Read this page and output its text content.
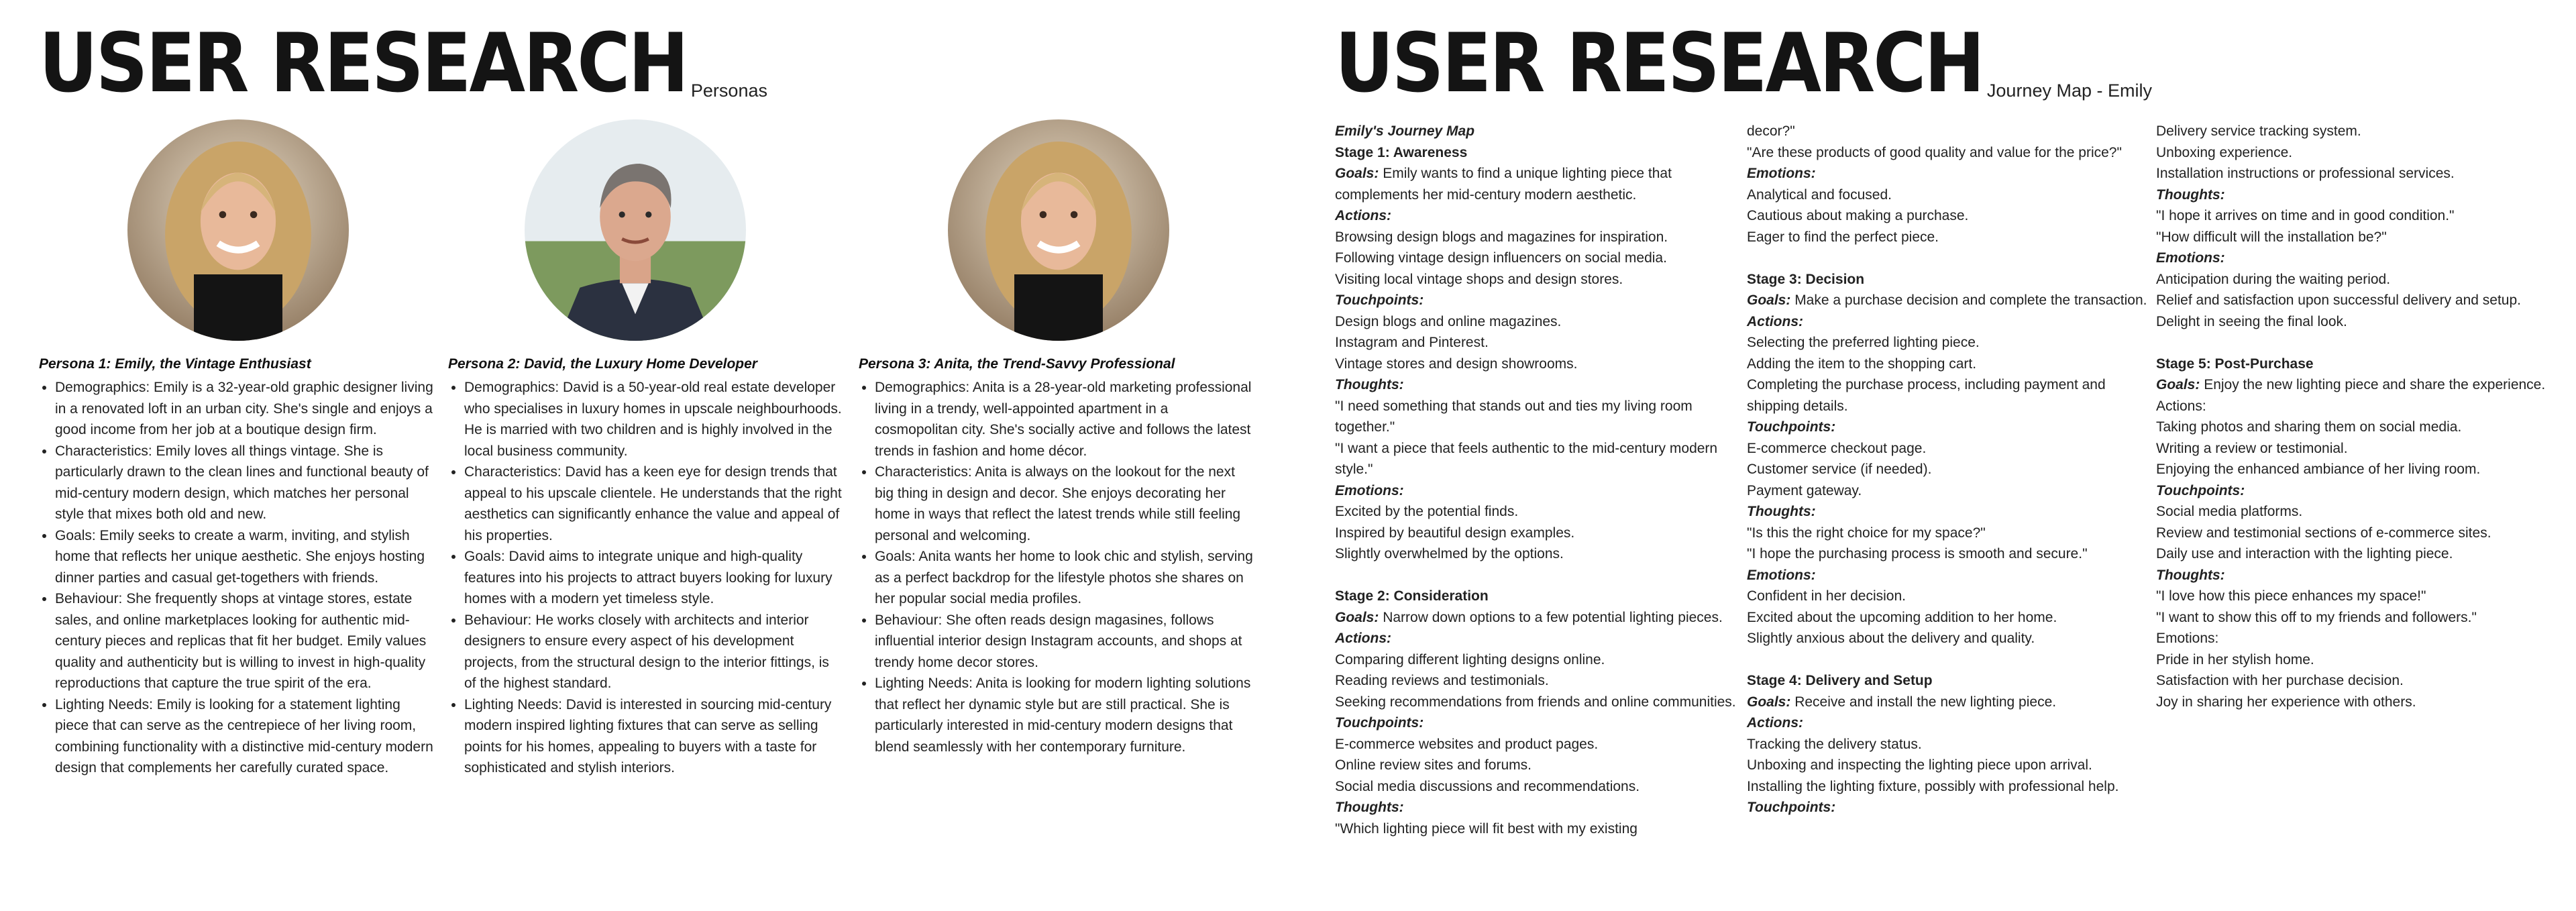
USER RESEARCH Personas
Persona 1: Emily, the Vintage Enthusiast
• Demographics: Emily is a 32-year-old graphic designer living in a renovated loft in an urban city. She's single and enjoys a good income from her job at a boutique design firm.
• Characteristics: Emily loves all things vintage. She is particularly drawn to the clean lines and functional beauty of mid-century modern design, which matches her personal style that mixes both old and new.
• Goals: Emily seeks to create a warm, inviting, and stylish home that reflects her unique aesthetic. She enjoys hosting dinner parties and casual get-togethers with friends.
• Behaviour: She frequently shops at vintage stores, estate sales, and online marketplaces looking for authentic mid-century pieces and replicas that fit her budget. Emily values quality and authenticity but is willing to invest in high-quality reproductions that capture the true spirit of the era.
• Lighting Needs: Emily is looking for a statement lighting piece that can serve as the centrepiece of her living room, combining functionality with a distinctive mid-century modern design that complements her carefully curated space.
Persona 2: David, the Luxury Home Developer
• Demographics: David is a 50-year-old real estate developer who specialises in luxury homes in upscale neighbourhoods. He is married with two children and is highly involved in the local business community.
• Characteristics: David has a keen eye for design trends that appeal to his upscale clientele. He understands that the right aesthetics can significantly enhance the value and appeal of his properties.
• Goals: David aims to integrate unique and high-quality features into his projects to attract buyers looking for luxury homes with a modern yet timeless style.
• Behaviour: He works closely with architects and interior designers to ensure every aspect of his development projects, from the structural design to the interior fittings, is of the highest standard.
• Lighting Needs: David is interested in sourcing mid-century modern inspired lighting fixtures that can serve as selling points for his homes, appealing to buyers with a taste for sophisticated and stylish interiors.
Persona 3: Anita, the Trend-Savvy Professional
• Demographics: Anita is a 28-year-old marketing professional living in a trendy, well-appointed apartment in a cosmopolitan city. She's socially active and follows the latest trends in fashion and home décor.
• Characteristics: Anita is always on the lookout for the next big thing in design and decor. She enjoys decorating her home in ways that reflect the latest trends while still feeling personal and welcoming.
• Goals: Anita wants her home to look chic and stylish, serving as a perfect backdrop for the lifestyle photos she shares on her popular social media profiles.
• Behaviour: She often reads design magasines, follows influential interior design Instagram accounts, and shops at trendy home decor stores.
• Lighting Needs: Anita is looking for modern lighting solutions that reflect her dynamic style but are still practical. She is particularly interested in mid-century modern designs that blend seamlessly with her contemporary furniture.
USER RESEARCH Journey Map - Emily
Emily's Journey Map
Stage 1: Awareness
Goals: Emily wants to find a unique lighting piece that complements her mid-century modern aesthetic.
Actions:
Browsing design blogs and magazines for inspiration.
Following vintage design influencers on social media.
Visiting local vintage shops and design stores.
Touchpoints:
Design blogs and online magazines.
Instagram and Pinterest.
Vintage stores and design showrooms.
Thoughts:
"I need something that stands out and ties my living room together."
"I want a piece that feels authentic to the mid-century modern style."
Emotions:
Excited by the potential finds.
Inspired by beautiful design examples.
Slightly overwhelmed by the options.
Stage 2: Consideration
Goals: Narrow down options to a few potential lighting pieces.
Actions:
Comparing different lighting designs online.
Reading reviews and testimonials.
Seeking recommendations from friends and online communities.
Touchpoints:
E-commerce websites and product pages.
Online review sites and forums.
Social media discussions and recommendations.
Thoughts:
"Which lighting piece will fit best with my existing
decor?"
"Are these products of good quality and value for the price?"
Emotions:
Analytical and focused.
Cautious about making a purchase.
Eager to find the perfect piece.
Stage 3: Decision
Goals: Make a purchase decision and complete the transaction.
Actions:
Selecting the preferred lighting piece.
Adding the item to the shopping cart.
Completing the purchase process, including payment and shipping details.
Touchpoints:
E-commerce checkout page.
Customer service (if needed).
Payment gateway.
Thoughts:
"Is this the right choice for my space?"
"I hope the purchasing process is smooth and secure."
Emotions:
Confident in her decision.
Excited about the upcoming addition to her home.
Slightly anxious about the delivery and quality.
Stage 4: Delivery and Setup
Goals: Receive and install the new lighting piece.
Actions:
Tracking the delivery status.
Unboxing and inspecting the lighting piece upon arrival.
Installing the lighting fixture, possibly with professional help.
Touchpoints:
Delivery service tracking system.
Unboxing experience.
Installation instructions or professional services.
Thoughts:
"I hope it arrives on time and in good condition."
"How difficult will the installation be?"
Emotions:
Anticipation during the waiting period.
Relief and satisfaction upon successful delivery and setup.
Delight in seeing the final look.
Stage 5: Post-Purchase
Goals: Enjoy the new lighting piece and share the experience.
Actions:
Taking photos and sharing them on social media.
Writing a review or testimonial.
Enjoying the enhanced ambiance of her living room.
Touchpoints:
Social media platforms.
Review and testimonial sections of e-commerce sites.
Daily use and interaction with the lighting piece.
Thoughts:
"I love how this piece enhances my space!"
"I want to show this off to my friends and followers."
Emotions:
Pride in her stylish home.
Satisfaction with her purchase decision.
Joy in sharing her experience with others.
